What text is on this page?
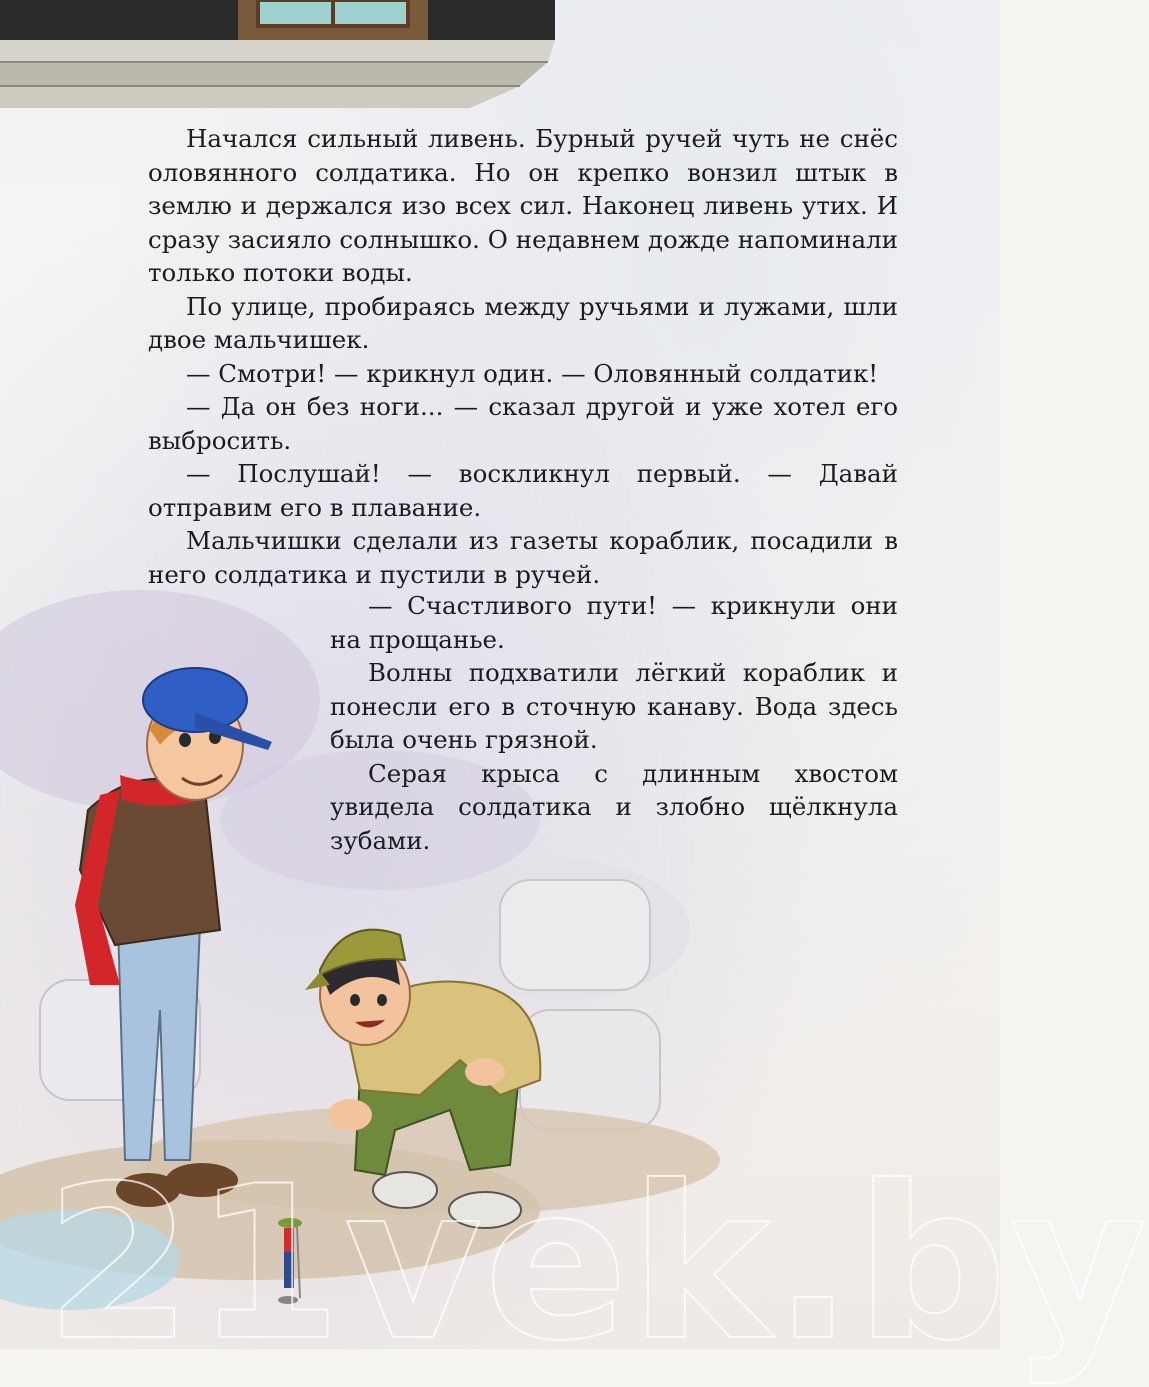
Начался сильный ливень. Бурный ручей чуть не снёс оловянного солдатика. Но он крепко вонзил штык в землю и держался изо всех сил. Наконец ливень утих. И сразу засияло солнышко. О недавнем дожде напоминали только потоки воды.

По улице, пробираясь между ручьями и лужами, шли двое мальчишек.

— Смотри! — крикнул один. — Оловянный солдатик!

— Да он без ноги... — сказал другой и уже хотел его выбросить.

— Послушай! — воскликнул первый. — Давай отправим его в плавание.

Мальчишки сделали из газеты кораблик, посадили в него солдатика и пустили в ручей.

— Счастливого пути! — крикнули они на прощанье.

Волны подхватили лёгкий кораблик и понесли его в сточную канаву. Вода здесь была очень грязной.

Серая крыса с длинным хвостом увидела солдатика и злобно щёлкнула зубами.

21vek.by
